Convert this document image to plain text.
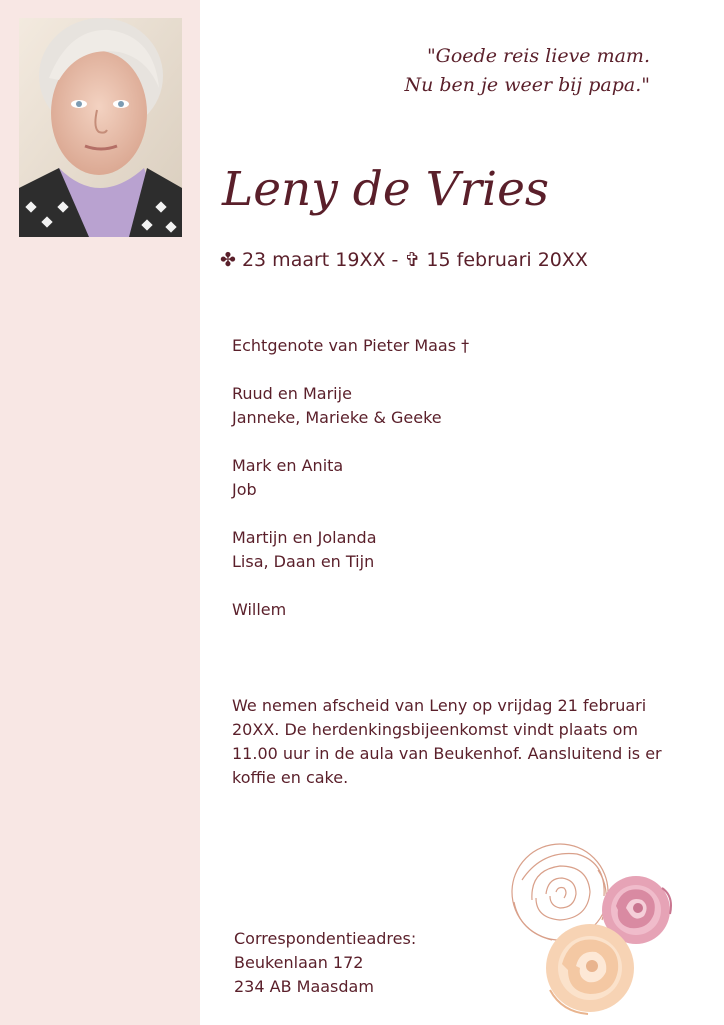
"Goede reis lieve mam.
Nu ben je weer bij papa."
Leny de Vries
✤ 23 maart 19XX - ✞ 15 februari 20XX
Echtgenote van Pieter Maas †
Ruud en Marije
Janneke, Marieke & Geeke
Mark en Anita
Job
Martijn en Jolanda
Lisa, Daan en Tijn
Willem
We nemen afscheid van Leny op vrijdag 21 februari 20XX. De herdenkingsbijeenkomst vindt plaats om 11.00 uur in de aula van Beukenhof. Aansluitend is er koffie en cake.
Correspondentieadres:
Beukenlaan 172
234 AB Maasdam
